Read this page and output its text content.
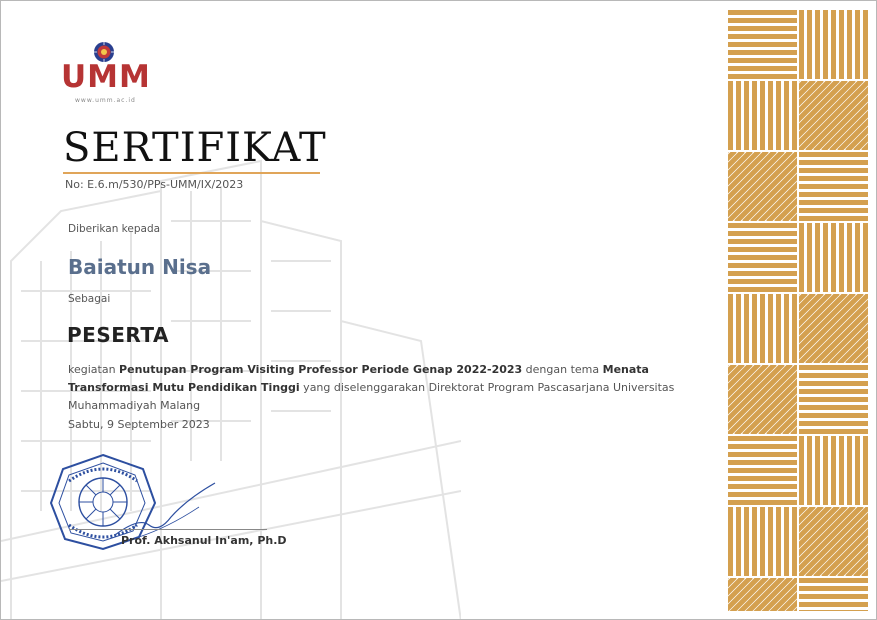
UMM
www.umm.ac.id
SERTIFIKAT
No: E.6.m/530/PPs-UMM/IX/2023
Diberikan kepada
Baiatun Nisa
Sebagai
PESERTA
kegiatan Penutupan Program Visiting Professor Periode Genap 2022-2023 dengan tema Menata Transformasi Mutu Pendidikan Tinggi yang diselenggarakan Direktorat Program Pascasarjana Universitas Muhammadiyah Malang
Sabtu, 9 September 2023
Prof. Akhsanul In'am, Ph.D
